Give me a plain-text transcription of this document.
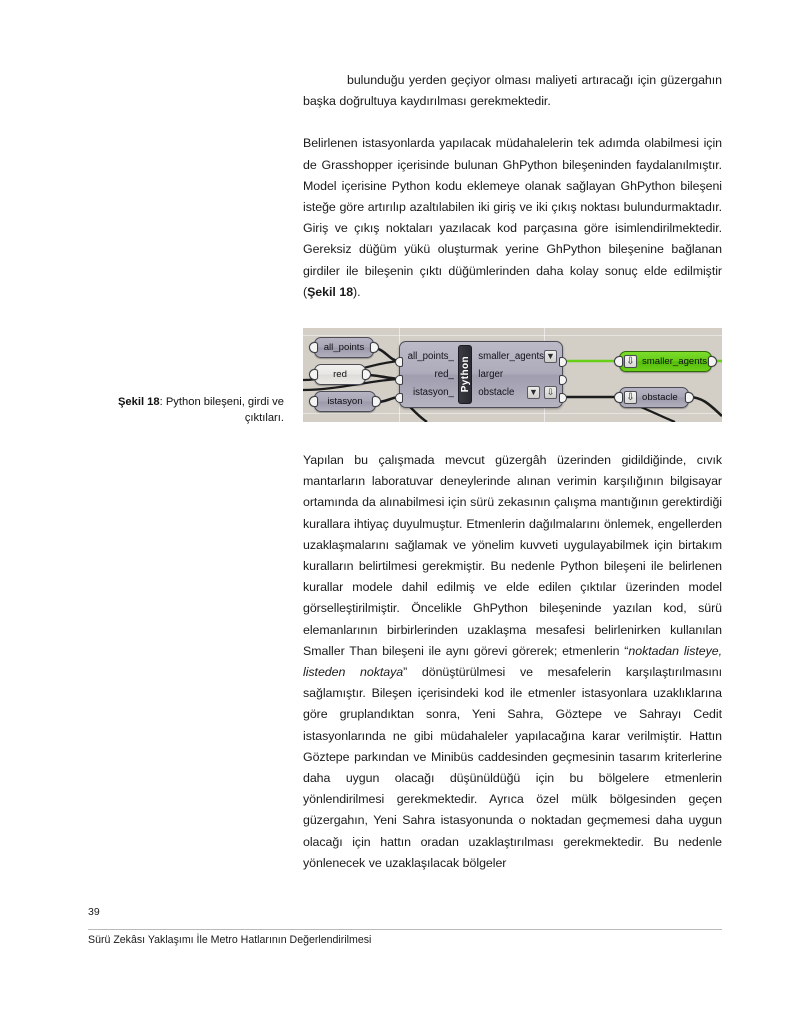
bulunduğu yerden geçiyor olması maliyeti artıracağı için güzergahın başka doğrultuya kaydırılması gerekmektedir.

Belirlenen istasyonlarda yapılacak müdahalelerin tek adımda olabilmesi için de Grasshopper içerisinde bulunan GhPython bileşeninden faydalanılmıştır. Model içerisine Python kodu eklemeye olanak sağlayan GhPython bileşeni isteğe göre artırılıp azaltılabilen iki giriş ve iki çıkış noktası bulundurmaktadır. Giriş ve çıkış noktaları yazılacak kod parçasına göre isimlendirilmektedir. Gereksiz düğüm yükü oluşturmak yerine GhPython bileşenine bağlanan girdiler ile bileşenin çıktı düğümlerinden daha kolay sonuç elde edilmiştir (Şekil 18).

Şekil 18: Python bileşeni, girdi ve çıktıları.
all_points
red
istasyon
all_points_
red_
istasyon_
Python
smaller_agents ▼
larger
obstacle ▼ ⇩
⇩ smaller_agents
⇩ obstacle

Yapılan bu çalışmada mevcut güzergâh üzerinden gidildiğinde, cıvık mantarların laboratuvar deneylerinde alınan verimin karşılığının bilgisayar ortamında da alınabilmesi için sürü zekasının çalışma mantığının gerektirdiği kurallara ihtiyaç duyulmuştur. Etmenlerin dağılmalarını önlemek, engellerden uzaklaşmalarını sağlamak ve yönelim kuvveti uygulayabilmek için birtakım kuralların belirtilmesi gerekmiştir. Bu nedenle Python bileşeni ile belirlenen kurallar modele dahil edilmiş ve elde edilen çıktılar üzerinden model görselleştirilmiştir. Öncelikle GhPython bileşeninde yazılan kod, sürü elemanlarının birbirlerinden uzaklaşma mesafesi belirlenirken kullanılan Smaller Than bileşeni ile aynı görevi görerek; etmenlerin “noktadan listeye, listeden noktaya” dönüştürülmesi ve mesafelerin karşılaştırılmasını sağlamıştır. Bileşen içerisindeki kod ile etmenler istasyonlara uzaklıklarına göre gruplandıktan sonra, Yeni Sahra, Göztepe ve Sahrayı Cedit istasyonlarında ne gibi müdahaleler yapılacağına karar verilmiştir. Hattın Göztepe parkından ve Minibüs caddesinden geçmesinin tasarım kriterlerine daha uygun olacağı düşünüldüğü için bu bölgelere etmenlerin yönlendirilmesi gerekmektedir. Ayrıca özel mülk bölgesinden geçen güzergahın, Yeni Sahra istasyonunda o noktadan geçmemesi daha uygun olacağı için hattın oradan uzaklaştırılması gerekmektedir. Bu nedenle yönlenecek ve uzaklaşılacak bölgeler

39
Sürü Zekâsı Yaklaşımı İle Metro Hatlarının Değerlendirilmesi
